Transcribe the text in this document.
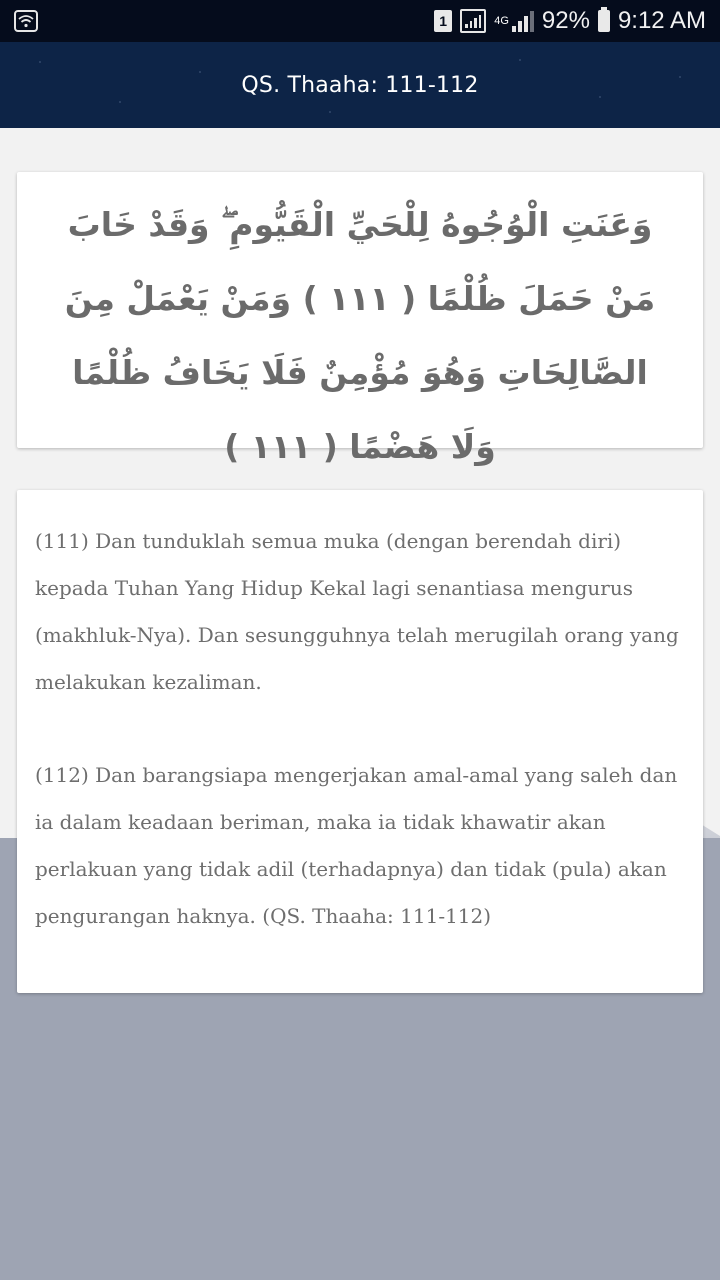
1	4G 92% 9:12 AM
QS. Thaaha: 111-112
وَعَنَتِ الْوُجُوهُ لِلْحَيِّ الْقَيُّومِ ۖ وَقَدْ خَابَ مَنْ حَمَلَ ظُلْمًا ( ١١١ ) وَمَنْ يَعْمَلْ مِنَ الصَّالِحَاتِ وَهُوَ مُؤْمِنٌ فَلَا يَخَافُ ظُلْمًا وَلَا هَضْمًا ( ١١١ )

(111) Dan tunduklah semua muka (dengan berendah diri) kepada Tuhan Yang Hidup Kekal lagi senantiasa mengurus (makhluk-Nya). Dan sesungguhnya telah merugilah orang yang melakukan kezaliman.

(112) Dan barangsiapa mengerjakan amal-amal yang saleh dan ia dalam keadaan beriman, maka ia tidak khawatir akan perlakuan yang tidak adil (terhadapnya) dan tidak (pula) akan pengurangan haknya. (QS. Thaaha: 111-112)
